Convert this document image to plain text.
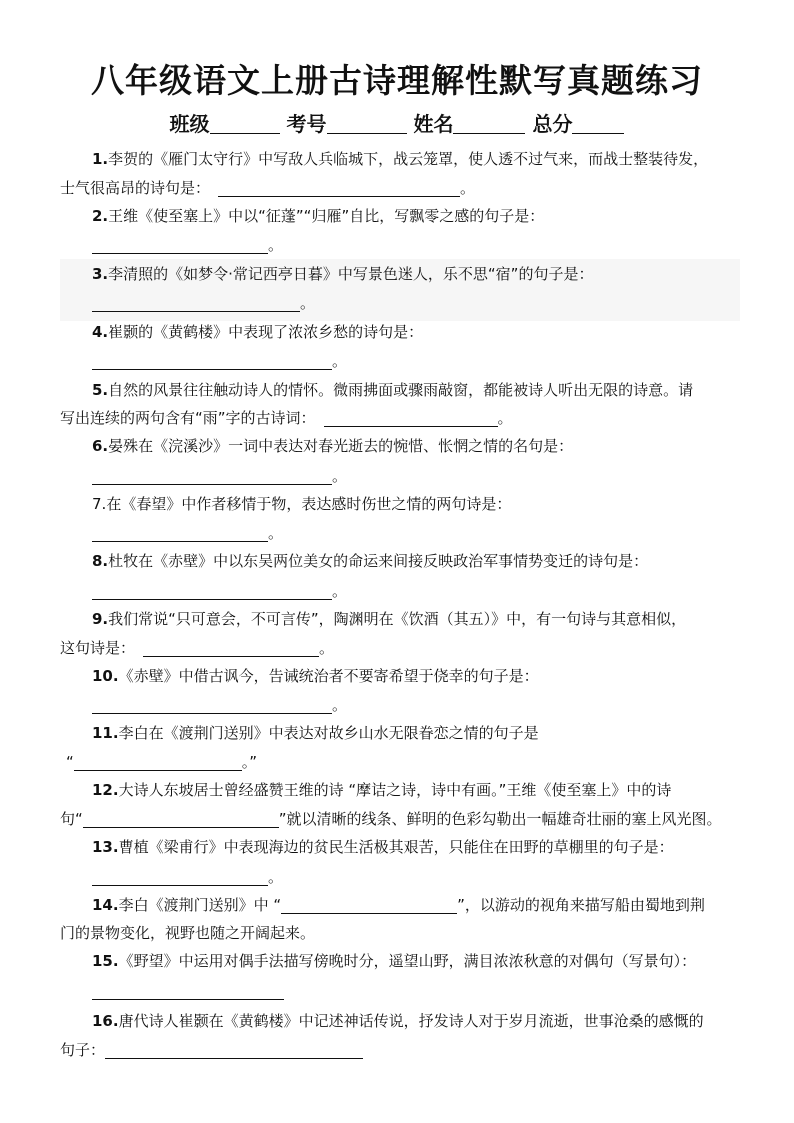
八年级语文上册古诗理解性默写真题练习
班级	考号	姓名	总分
1.李贺的《雁门太守行》中写敌人兵临城下，战云笼罩，使人透不过气来，而战士整装待发，
士气很高昂的诗句是：	。
2.王维《使至塞上》中以“征蓬”“归雁”自比，写飘零之感的句子是：
。
3.李清照的《如梦令·常记西亭日暮》中写景色迷人，乐不思“宿”的句子是：
。
4.崔颢的《黄鹤楼》中表现了浓浓乡愁的诗句是：
。
5.自然的风景往往触动诗人的情怀。微雨拂面或骤雨敲窗，都能被诗人听出无限的诗意。请
写出连续的两句含有“雨”字的古诗词：	。
6.晏殊在《浣溪沙》一词中表达对春光逝去的惋惜、怅惘之情的名句是：
。
7.在《春望》中作者移情于物，表达感时伤世之情的两句诗是：
。
8.杜牧在《赤壁》中以东吴两位美女的命运来间接反映政治军事情势变迁的诗句是：
。
9.我们常说“只可意会，不可言传”，陶渊明在《饮酒（其五）》中，有一句诗与其意相似，
这句诗是：	。
10.《赤壁》中借古讽今，告诫统治者不要寄希望于侥幸的句子是：
。
11.李白在《渡荆门送别》中表达对故乡山水无限眷恋之情的句子是
“	。”
12.大诗人东坡居士曾经盛赞王维的诗 “摩诘之诗，诗中有画。”王维《使至塞上》中的诗
句“	”就以清晰的线条、鲜明的色彩勾勒出一幅雄奇壮丽的塞上风光图。
13.曹植《梁甫行》中表现海边的贫民生活极其艰苦，只能住在田野的草棚里的句子是：
。
14.李白《渡荆门送别》中 “	”，以游动的视角来描写船由蜀地到荆
门的景物变化，视野也随之开阔起来。
15.《野望》中运用对偶手法描写傍晚时分，遥望山野，满目浓浓秋意的对偶句（写景句）：
16.唐代诗人崔颢在《黄鹤楼》中记述神话传说，抒发诗人对于岁月流逝，世事沧桑的感慨的
句子：
